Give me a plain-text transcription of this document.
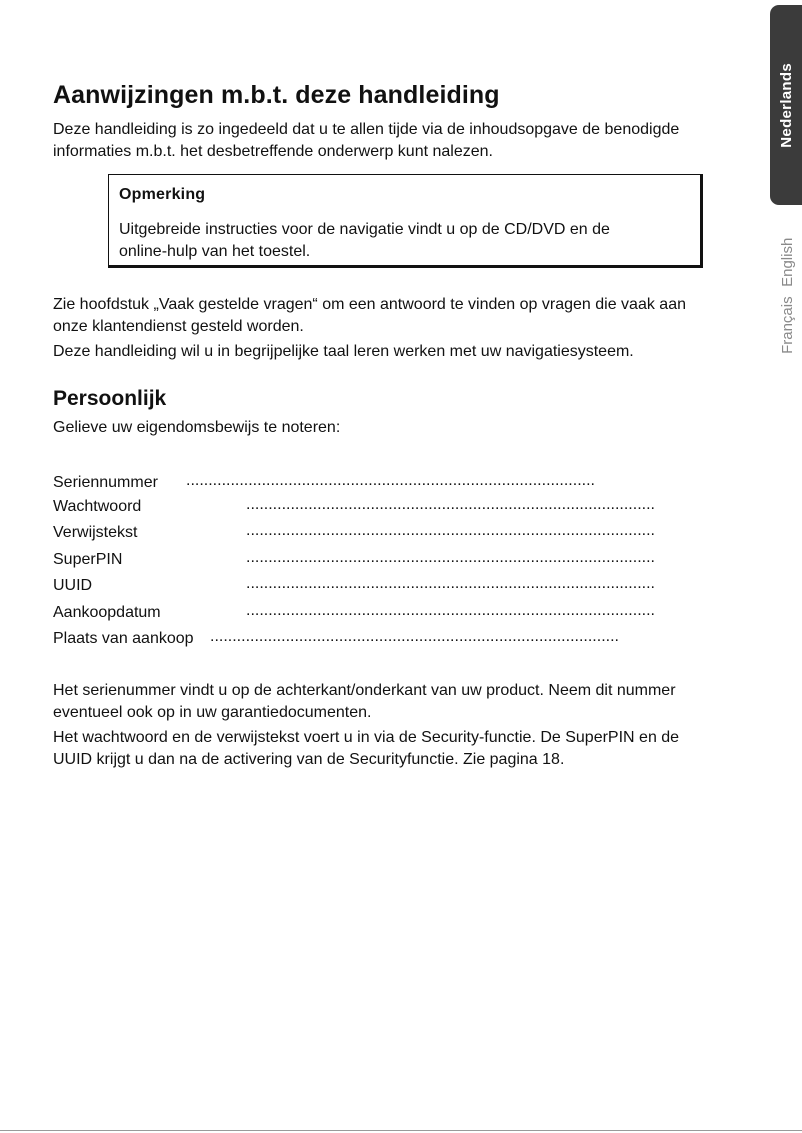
Nederlands
Français English
Aanwijzingen m.b.t. deze handleiding
Deze handleiding is zo ingedeeld dat u te allen tijde via de inhoudsopgave de benodigde
informaties m.b.t. het desbetreffende onderwerp kunt nalezen.
Opmerking
Uitgebreide instructies voor de navigatie vindt u op de CD/DVD en de
online-hulp van het toestel.
Zie hoofdstuk „Vaak gestelde vragen“ om een antwoord te vinden op vragen die vaak aan
onze klantendienst gesteld worden.
Deze handleiding wil u in begrijpelijke taal leren werken met uw navigatiesysteem.
Persoonlijk
Gelieve uw eigendomsbewijs te noteren:
Seriennummer ............................................................................................
Wachtwoord	............................................................................................
Verwijstekst	............................................................................................
SuperPIN	............................................................................................
UUID	............................................................................................
Aankoopdatum	............................................................................................
Plaats van aankoop ............................................................................................
Het serienummer vindt u op de achterkant/onderkant van uw product. Neem dit nummer
eventueel ook op in uw garantiedocumenten.
Het wachtwoord en de verwijstekst voert u in via de Security-functie. De SuperPIN en de
UUID krijgt u dan na de activering van de Securityfunctie. Zie pagina 18.
